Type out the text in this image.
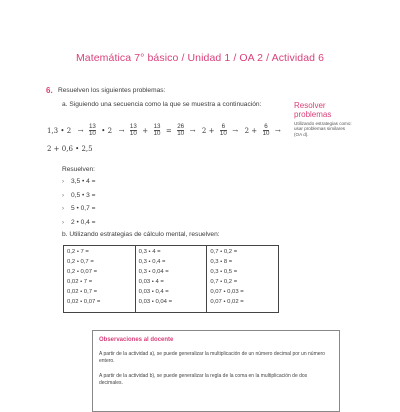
Matemática 7° básico / Unidad 1 / OA 2 / Actividad 6
6. Resuelven los siguientes problemas:
a. Siguiendo una secuencia como la que se muestra a continuación:	Resolver
problemas
Utilizando estrategias como: usar problemas similares (OA d).
1,3 • $2 \to \frac{13}{10}$ • $2 \to \frac{13}{10} + \frac{13}{10} = \frac{26}{10} \to 2 + \frac{6}{10} \to 2 + \frac{6}{10} \to 2 + 0,6$ • 2,5
Resuelven:
› 3,5 • 4 =
› 0,5 • 3 =
› 5 • 0,7 =
› 2 • 0,4 =
b. Utilizando estrategias de cálculo mental, resuelven:
0,2 • 7 =
0,2 • 0,7 =
0,2 • 0,07 =
0,02 • 7 =
0,02 • 0,7 =
0,02 • 0,07 =
0,3 • 4 =
0,3 • 0,4 =
0,3 • 0,04 =
0,03 • 4 =
0,03 • 0,4 =
0,03 • 0,04 =
0,7 • 0,2 =
0,3 • 8 =
0,3 • 0,5 =
0,7 • 0,2 =
0,07 • 0,03 =
0,07 • 0,02 =
Observaciones al docente
A partir de la actividad a), se puede generalizar la multiplicación de un número decimal por un número entero.
A partir de la actividad b), se puede generalizar la regla de la coma en la multiplicación de dos decimales.
